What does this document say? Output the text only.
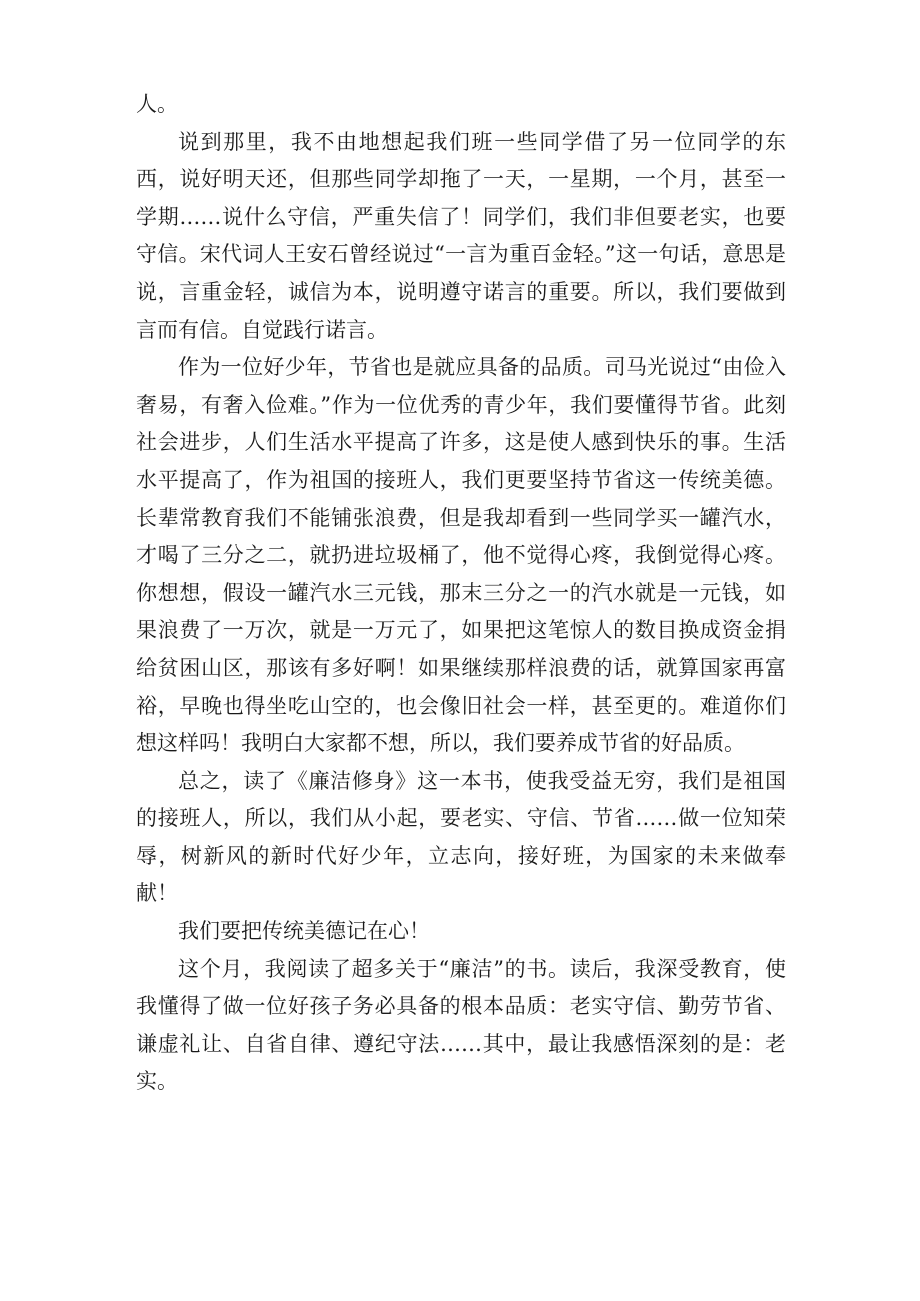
人。

说到那里，我不由地想起我们班一些同学借了另一位同学的东西，说好明天还，但那些同学却拖了一天，一星期，一个月，甚至一学期……说什么守信，严重失信了！同学们，我们非但要老实，也要守信。宋代词人王安石曾经说过“一言为重百金轻。”这一句话，意思是说，言重金轻，诚信为本，说明遵守诺言的重要。所以，我们要做到言而有信。自觉践行诺言。

作为一位好少年，节省也是就应具备的品质。司马光说过“由俭入奢易，有奢入俭难。”作为一位优秀的青少年，我们要懂得节省。此刻社会进步，人们生活水平提高了许多，这是使人感到快乐的事。生活水平提高了，作为祖国的接班人，我们更要坚持节省这一传统美德。长辈常教育我们不能铺张浪费，但是我却看到一些同学买一罐汽水，才喝了三分之二，就扔进垃圾桶了，他不觉得心疼，我倒觉得心疼。你想想，假设一罐汽水三元钱，那末三分之一的汽水就是一元钱，如果浪费了一万次，就是一万元了，如果把这笔惊人的数目换成资金捐给贫困山区，那该有多好啊！如果继续那样浪费的话，就算国家再富裕，早晚也得坐吃山空的，也会像旧社会一样，甚至更的。难道你们想这样吗！我明白大家都不想，所以，我们要养成节省的好品质。

总之，读了《廉洁修身》这一本书，使我受益无穷，我们是祖国的接班人，所以，我们从小起，要老实、守信、节省……做一位知荣辱，树新风的新时代好少年，立志向，接好班，为国家的未来做奉献！

我们要把传统美德记在心！

这个月，我阅读了超多关于“廉洁”的书。读后，我深受教育，使我懂得了做一位好孩子务必具备的根本品质：老实守信、勤劳节省、谦虚礼让、自省自律、遵纪守法……其中，最让我感悟深刻的是：老实。
